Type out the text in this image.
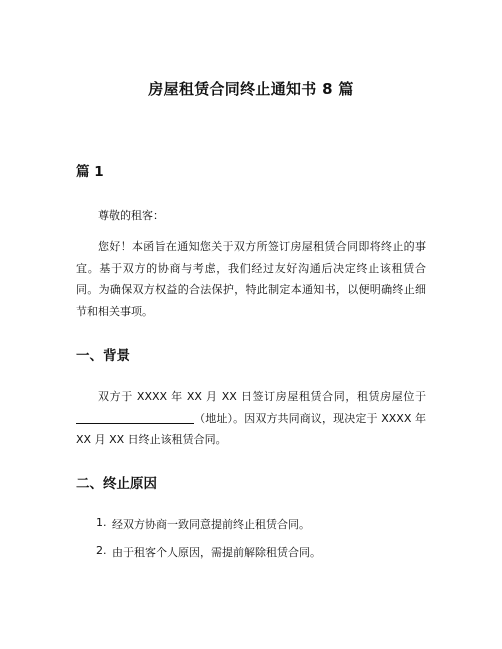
房屋租赁合同终止通知书 8 篇
篇 1

尊敬的租客：

您好！本函旨在通知您关于双方所签订房屋租赁合同即将终止的事宜。基于双方的协商与考虑，我们经过友好沟通后决定终止该租赁合同。为确保双方权益的合法保护，特此制定本通知书，以便明确终止细节和相关事项。

一、背景

双方于 XXXX 年 XX 月 XX 日签订房屋租赁合同，租赁房屋位于（地址）。因双方共同商议，现决定于 XXXX 年 XX 月 XX 日终止该租赁合同。

二、终止原因
1. 经双方协商一致同意提前终止租赁合同。
2. 由于租客个人原因，需提前解除租赁合同。
